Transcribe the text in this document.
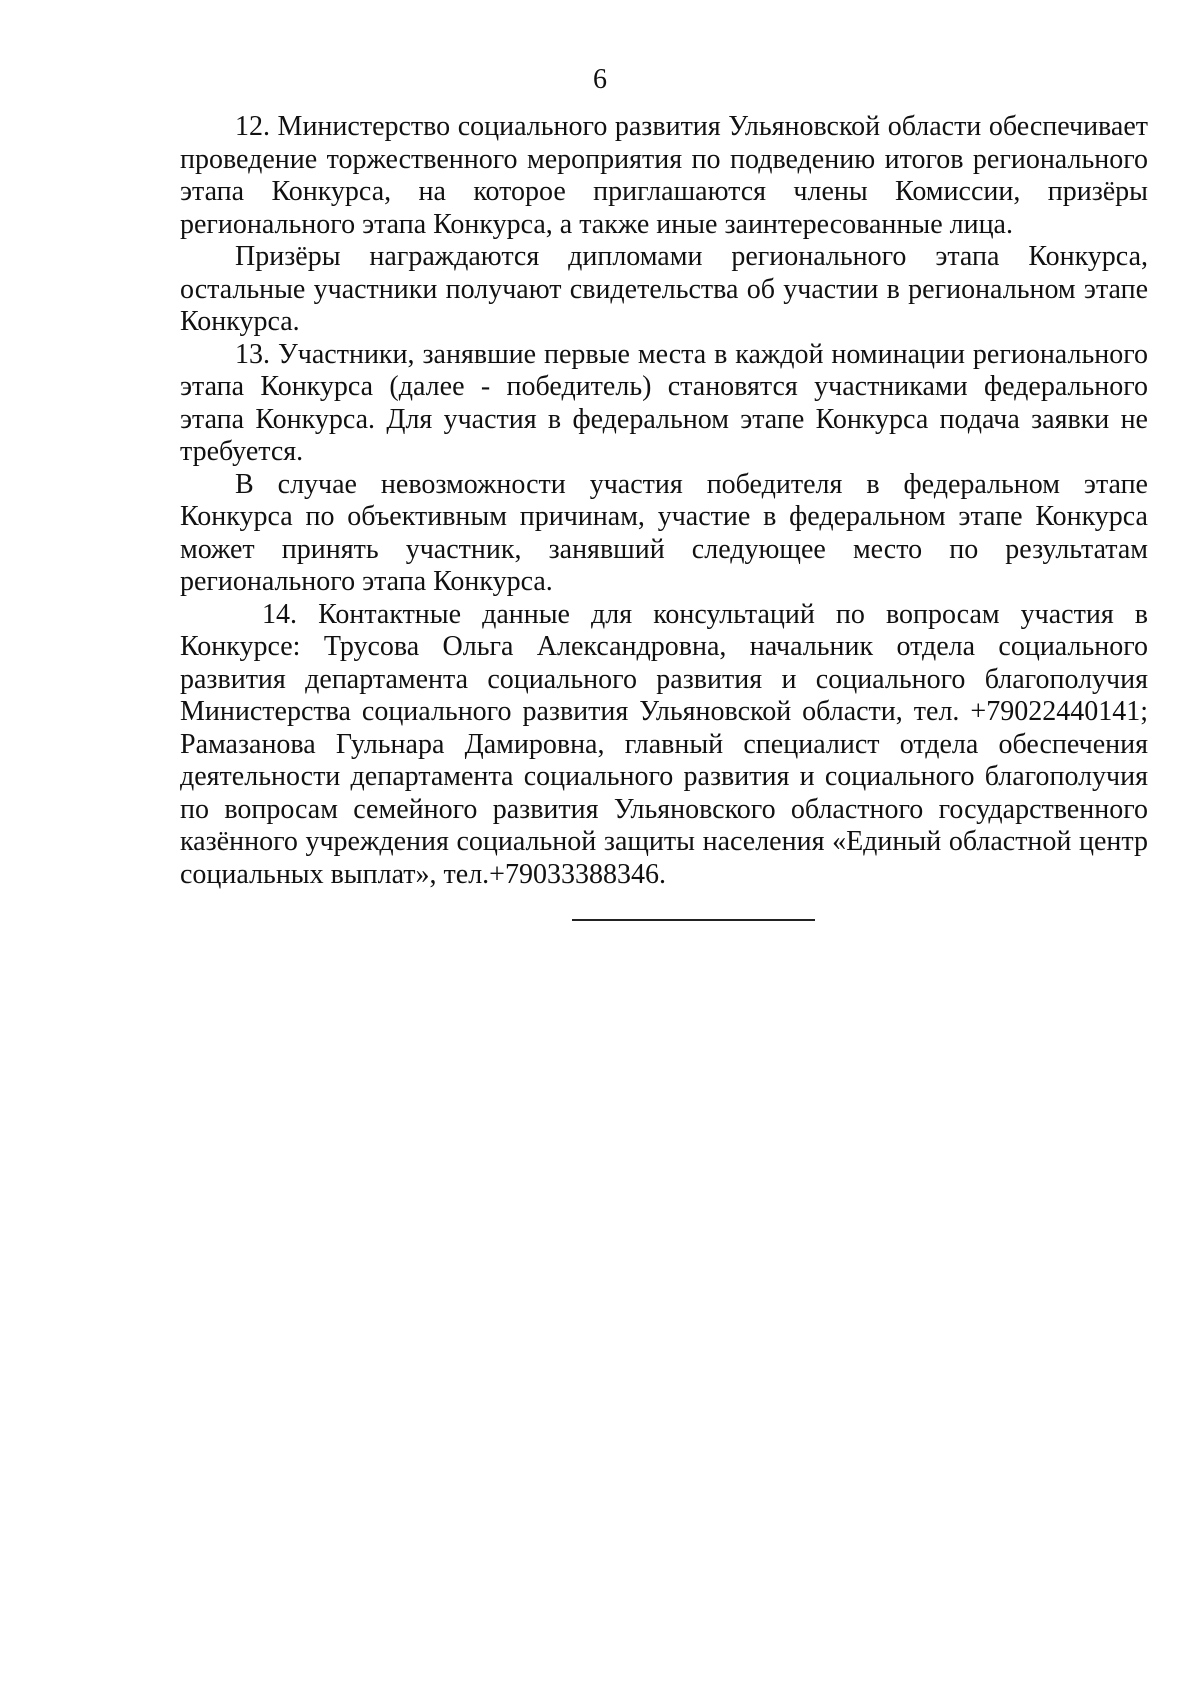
6

12. Министерство социального развития Ульяновской области обеспечивает проведение торжественного мероприятия по подведению итогов регионального этапа Конкурса, на которое приглашаются члены Комиссии, призёры регионального этапа Конкурса, а также иные заинтересованные лица.

Призёры награждаются дипломами регионального этапа Конкурса, остальные участники получают свидетельства об участии в региональном этапе Конкурса.

13. Участники, занявшие первые места в каждой номинации регионального этапа Конкурса (далее - победитель) становятся участниками федерального этапа Конкурса. Для участия в федеральном этапе Конкурса подача заявки не требуется.

В случае невозможности участия победителя в федеральном этапе Конкурса по объективным причинам, участие в федеральном этапе Конкурса может принять участник, занявший следующее место по результатам регионального этапа Конкурса.

14. Контактные данные для консультаций по вопросам участия в Конкурсе: Трусова Ольга Александровна, начальник отдела социального развития департамента социального развития и социального благополучия Министерства социального развития Ульяновской области, тел. +79022440141; Рамазанова Гульнара Дамировна, главный специалист отдела обеспечения деятельности департамента социального развития и социального благополучия по вопросам семейного развития Ульяновского областного государственного казённого учреждения социальной защиты населения «Единый областной центр социальных выплат», тел.+79033388346.
